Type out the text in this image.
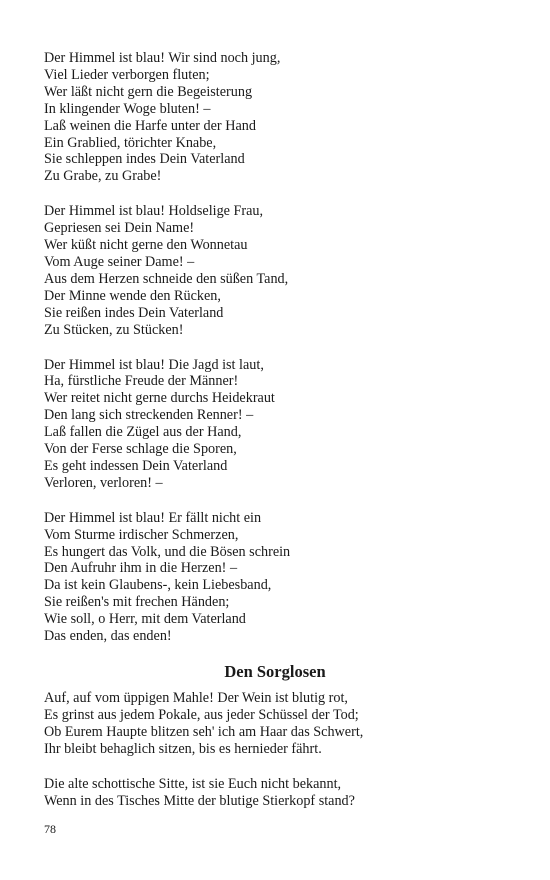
Der Himmel ist blau! Wir sind noch jung,
Viel Lieder verborgen fluten;
Wer läßt nicht gern die Begeisterung
In klingender Woge bluten! –
Laß weinen die Harfe unter der Hand
Ein Grablied, törichter Knabe,
Sie schleppen indes Dein Vaterland
Zu Grabe, zu Grabe!
Der Himmel ist blau! Holdselige Frau,
Gepriesen sei Dein Name!
Wer küßt nicht gerne den Wonnetau
Vom Auge seiner Dame! –
Aus dem Herzen schneide den süßen Tand,
Der Minne wende den Rücken,
Sie reißen indes Dein Vaterland
Zu Stücken, zu Stücken!
Der Himmel ist blau! Die Jagd ist laut,
Ha, fürstliche Freude der Männer!
Wer reitet nicht gerne durchs Heidekraut
Den lang sich streckenden Renner! –
Laß fallen die Zügel aus der Hand,
Von der Ferse schlage die Sporen,
Es geht indessen Dein Vaterland
Verloren, verloren! –
Der Himmel ist blau! Er fällt nicht ein
Vom Sturme irdischer Schmerzen,
Es hungert das Volk, und die Bösen schrein
Den Aufruhr ihm in die Herzen! –
Da ist kein Glaubens-, kein Liebesband,
Sie reißen's mit frechen Händen;
Wie soll, o Herr, mit dem Vaterland
Das enden, das enden!
Den Sorglosen
Auf, auf vom üppigen Mahle! Der Wein ist blutig rot,
Es grinst aus jedem Pokale, aus jeder Schüssel der Tod;
Ob Eurem Haupte blitzen seh' ich am Haar das Schwert,
Ihr bleibt behaglich sitzen, bis es hernieder fährt.
Die alte schottische Sitte, ist sie Euch nicht bekannt,
Wenn in des Tisches Mitte der blutige Stierkopf stand?
78
